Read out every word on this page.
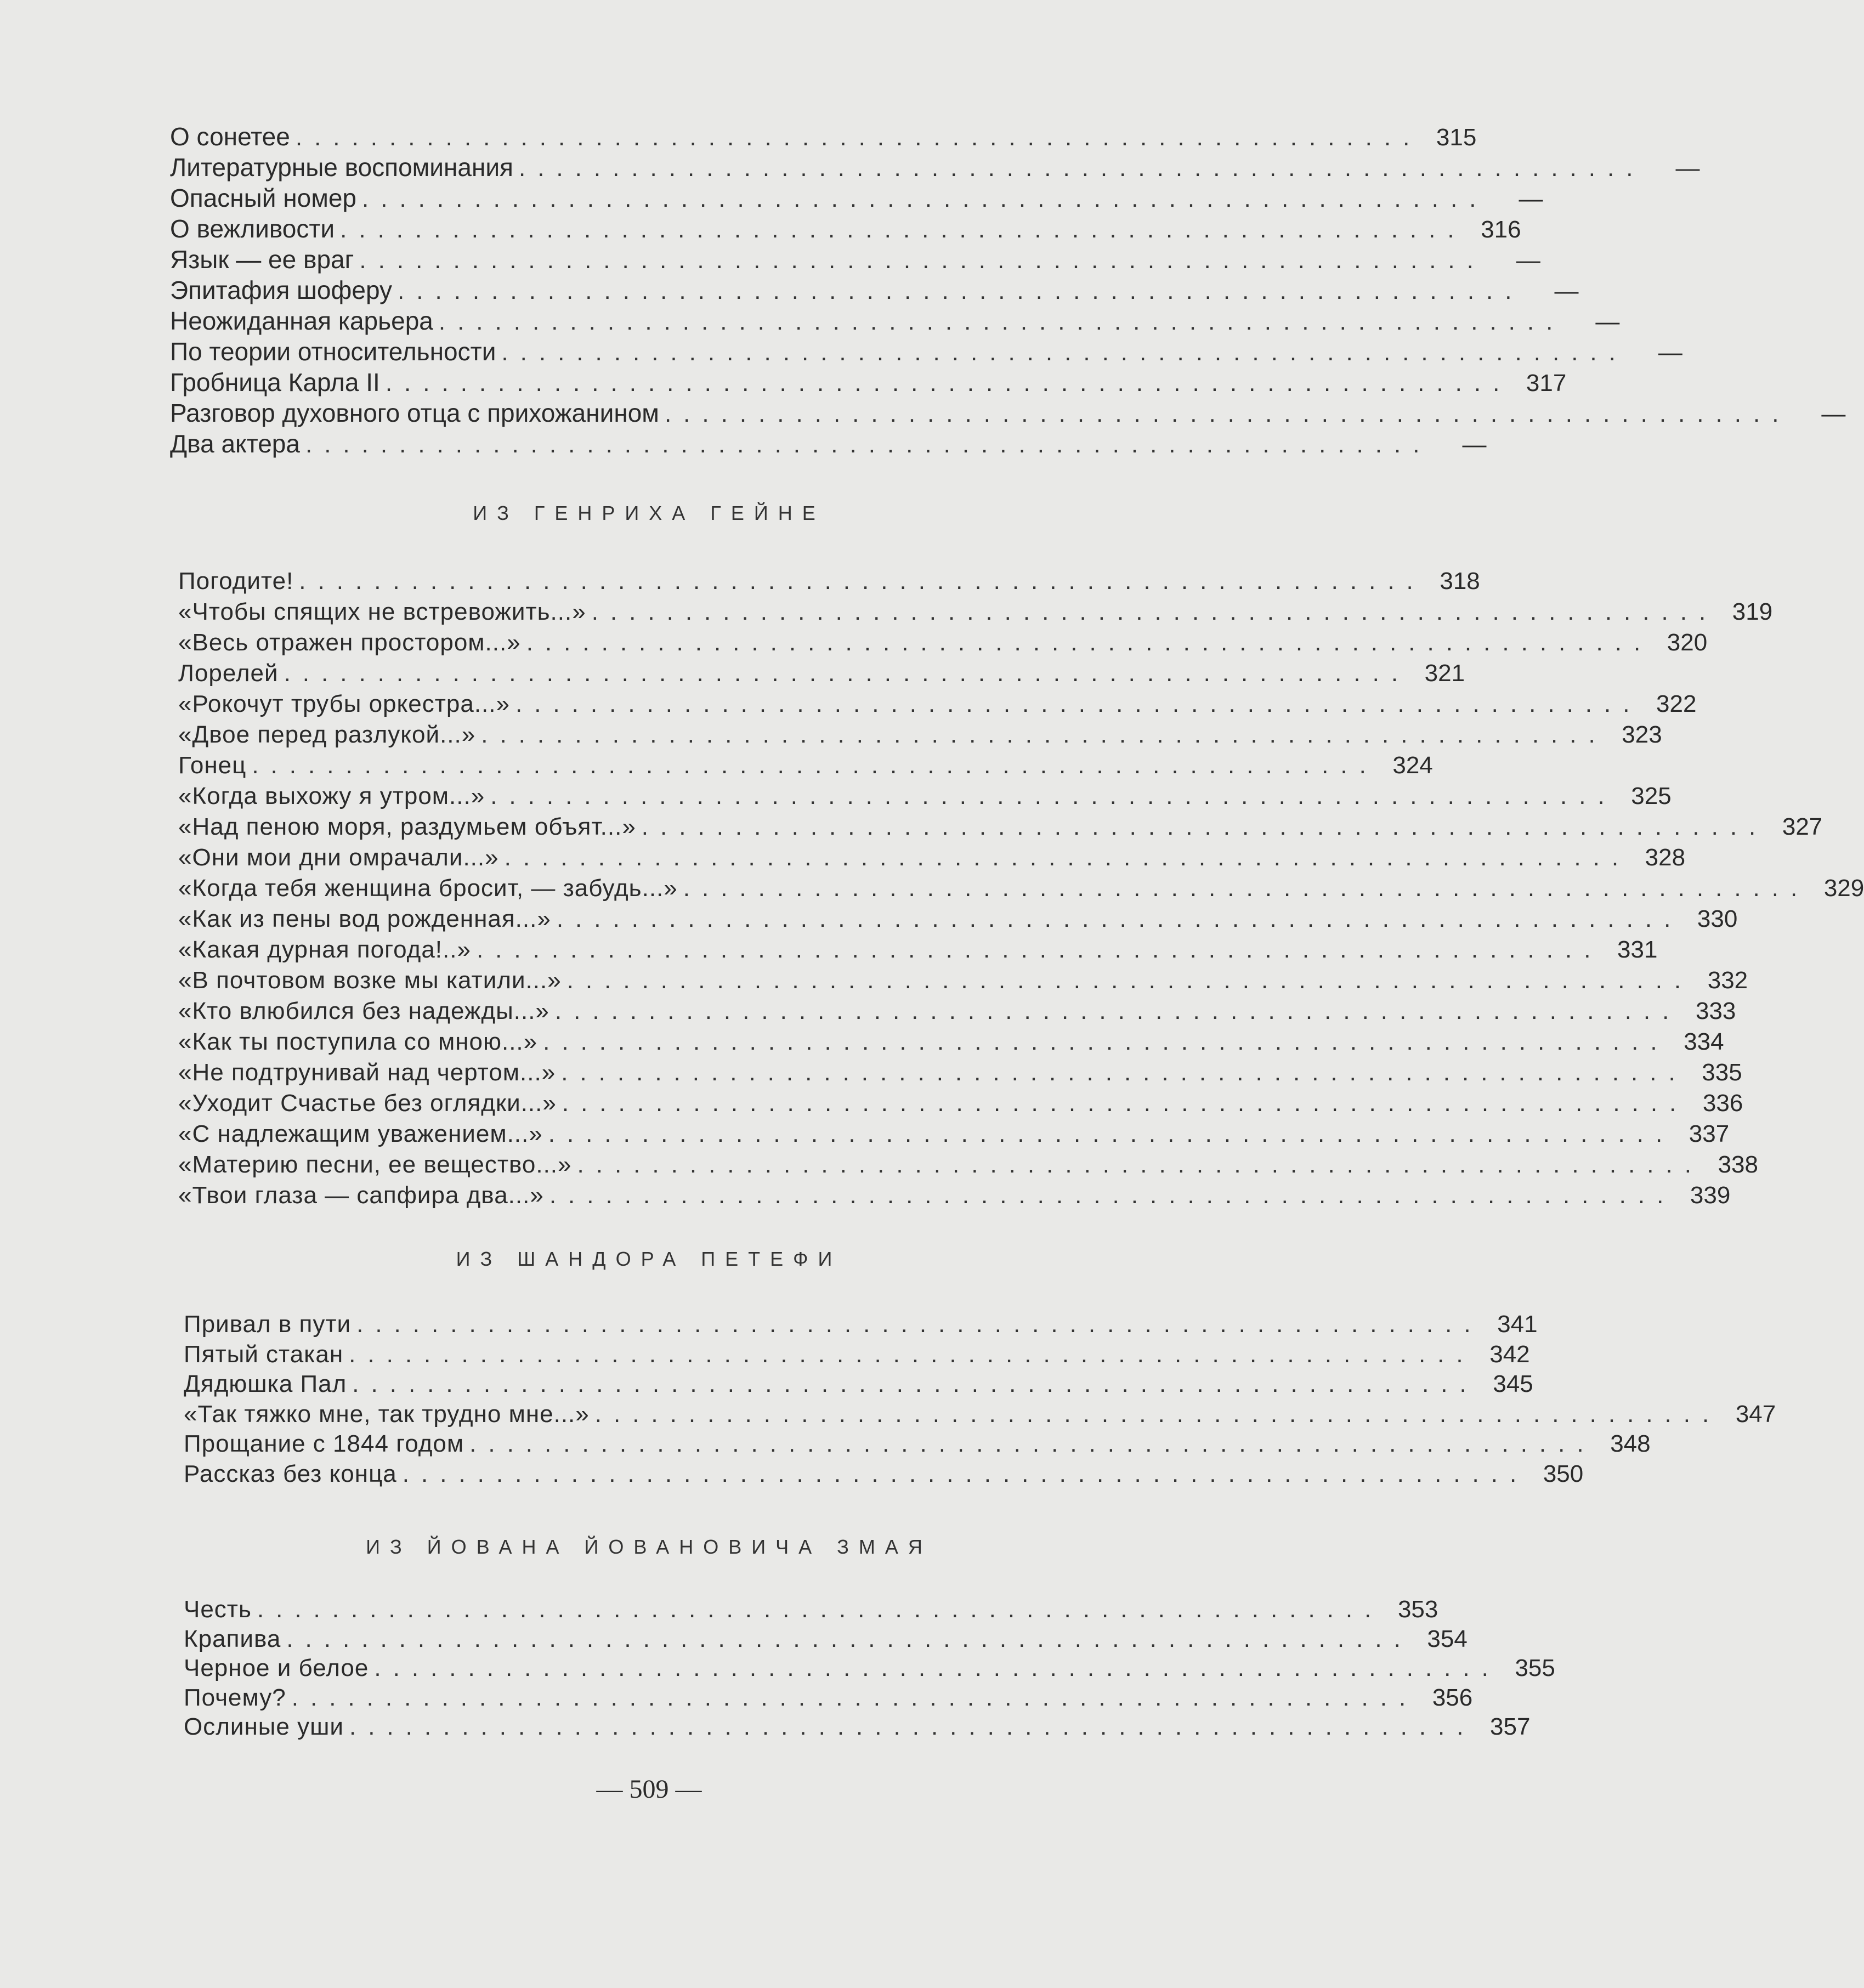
О сонетее ............................................................ 315
Литературные воспоминания ............................................................	—
Опасный номер ............................................................	—
О вежливости ............................................................ 316
Язык — ее враг ............................................................	—
Эпитафия шоферу ............................................................	—
Неожиданная карьера ............................................................	—
По теории относительности ............................................................	—
Гробница Карла II ............................................................ 317
Разговор духовного отца с прихожанином ............................................................	—
Два актера ............................................................	—
ИЗ ГЕНРИХА ГЕЙНЕ
Погодите! ............................................................ 318
«Чтобы спящих не встревожить...» ............................................................ 319
«Весь отражен простором...» ............................................................ 320
Лорелей ............................................................ 321
«Рокочут трубы оркестра...» ............................................................ 322
«Двое перед разлукой...» ............................................................ 323
Гонец ............................................................ 324
«Когда выхожу я утром...» ............................................................ 325
«Над пеною моря, раздумьем объят...» ............................................................ 327
«Они мои дни омрачали...» ............................................................ 328
«Когда тебя женщина бросит, — забудь...» ............................................................ 329
«Как из пены вод рожденная...» ............................................................ 330
«Какая дурная погода!..» ............................................................ 331
«В почтовом возке мы катили...» ............................................................ 332
«Кто влюбился без надежды...» ............................................................ 333
«Как ты поступила со мною...» ............................................................ 334
«Не подтрунивай над чертом...» ............................................................ 335
«Уходит Счастье без оглядки...» ............................................................ 336
«С надлежащим уважением...» ............................................................ 337
«Материю песни, ее вещество...» ............................................................ 338
«Твои глаза — сапфира два...» ............................................................ 339
ИЗ ШАНДОРА ПЕТЕФИ
Привал в пути ............................................................ 341
Пятый стакан ............................................................ 342
Дядюшка Пал ............................................................ 345
«Так тяжко мне, так трудно мне...» ............................................................ 347
Прощание с 1844 годом ............................................................ 348
Рассказ без конца ............................................................ 350
ИЗ ЙОВАНА ЙОВАНОВИЧА ЗМАЯ
Честь ............................................................ 353
Крапива ............................................................ 354
Черное и белое ............................................................ 355
Почему? ............................................................ 356
Ослиные уши ............................................................ 357
— 509 —
